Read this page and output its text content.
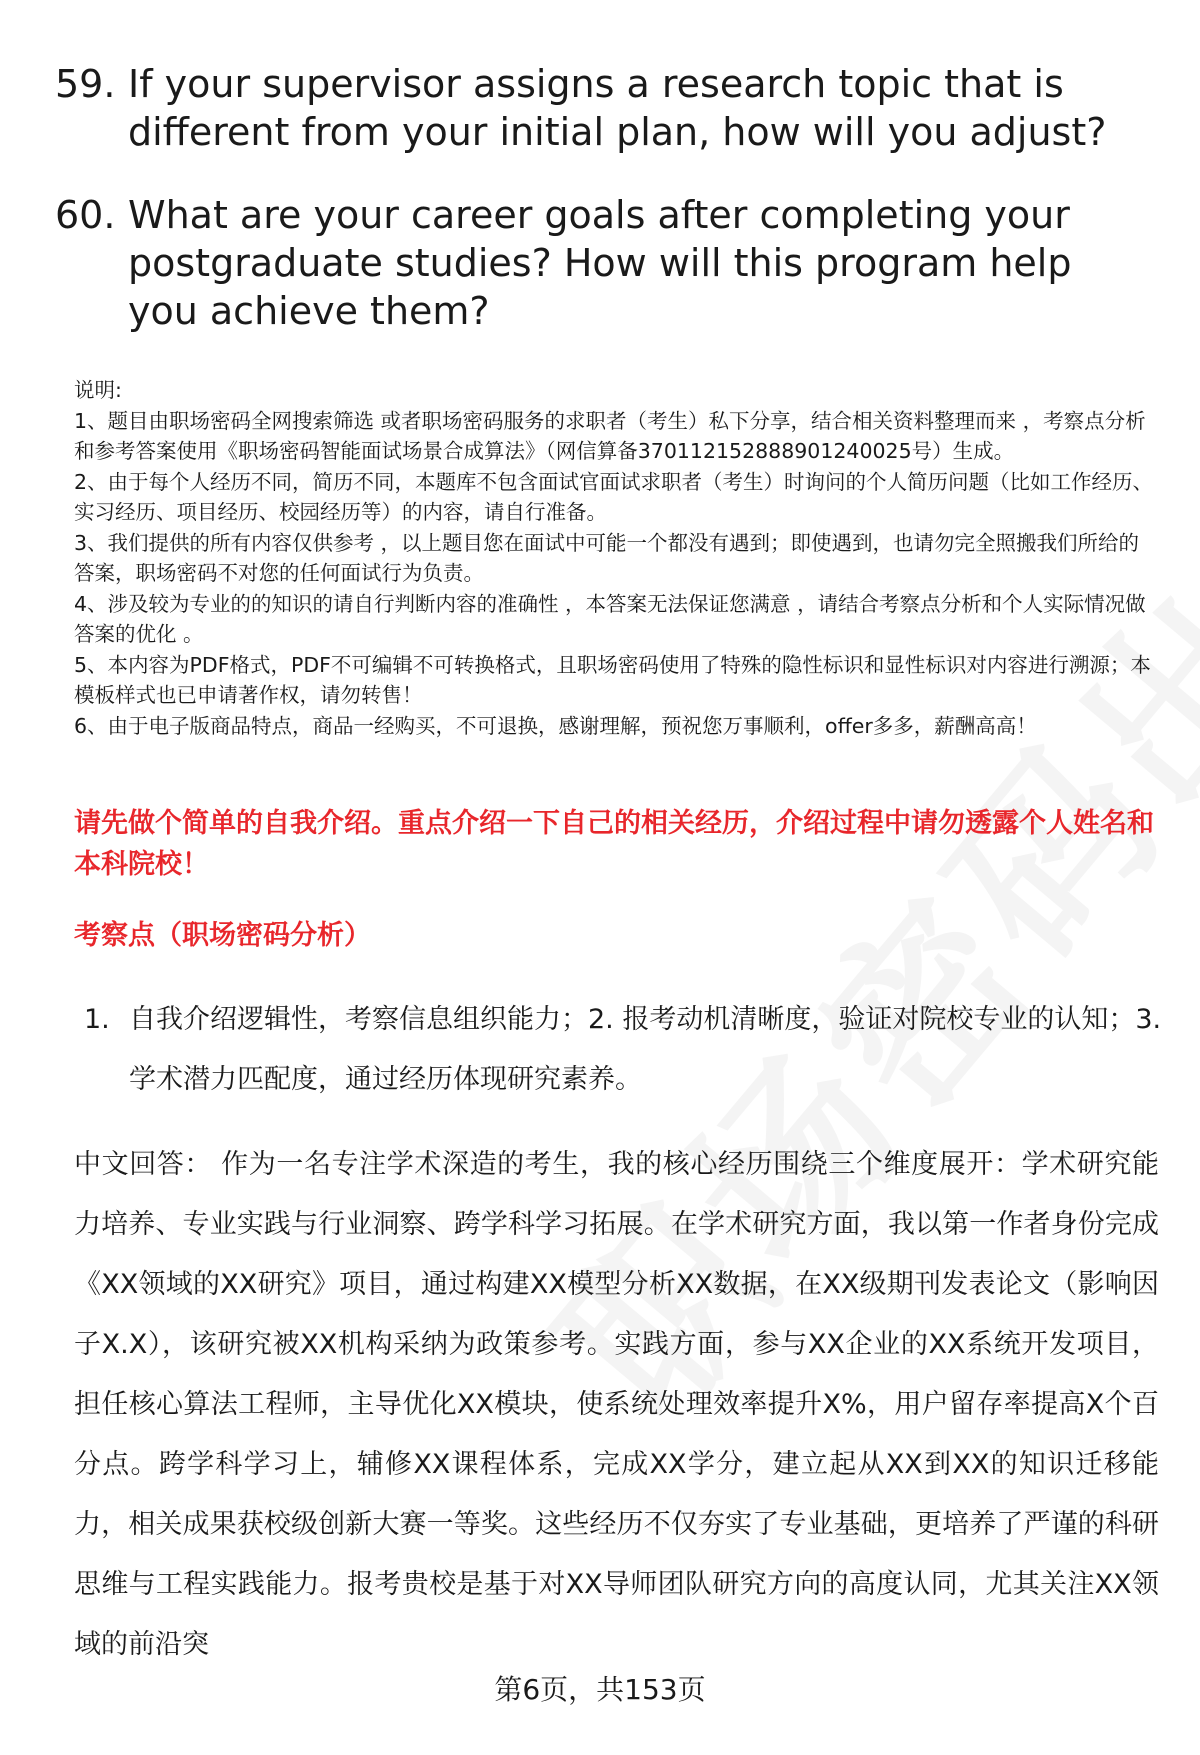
59. If your supervisor assigns a research topic that is different from your initial plan, how will you adjust?
60. What are your career goals after completing your postgraduate studies? How will this program help you achieve them?
说明:
1、题目由职场密码全网搜索筛选 或者职场密码服务的求职者（考生）私下分享，结合相关资料整理而来 ，考察点分析和参考答案使用《职场密码智能面试场景合成算法》（网信算备370112152888901240025号）生成。
2、由于每个人经历不同，简历不同，本题库不包含面试官面试求职者（考生）时询问的个人简历问题（比如工作经历、实习经历、项目经历、校园经历等）的内容，请自行准备。
3、我们提供的所有内容仅供参考 ，以上题目您在面试中可能一个都没有遇到；即使遇到，也请勿完全照搬我们所给的答案，职场密码不对您的任何面试行为负责。
4、涉及较为专业的的知识的请自行判断内容的准确性 ，本答案无法保证您满意 ，请结合考察点分析和个人实际情况做答案的优化 。
5、本内容为PDF格式，PDF不可编辑不可转换格式，且职场密码使用了特殊的隐性标识和显性标识对内容进行溯源；本模板样式也已申请著作权，请勿转售！
6、由于电子版商品特点，商品一经购买，不可退换，感谢理解，预祝您万事顺利，offer多多，薪酬高高！
请先做个简单的自我介绍。重点介绍一下自己的相关经历，介绍过程中请勿透露个人姓名和本科院校！
考察点（职场密码分析）
1. 自我介绍逻辑性，考察信息组织能力；2. 报考动机清晰度，验证对院校专业的认知；3. 学术潜力匹配度，通过经历体现研究素养。
中文回答： 作为一名专注学术深造的考生，我的核心经历围绕三个维度展开：学术研究能力培养、专业实践与行业洞察、跨学科学习拓展。在学术研究方面，我以第一作者身份完成《XX领域的XX研究》项目，通过构建XX模型分析XX数据，在XX级期刊发表论文（影响因子X.X），该研究被XX机构采纳为政策参考。实践方面，参与XX企业的XX系统开发项目，担任核心算法工程师，主导优化XX模块，使系统处理效率提升X%，用户留存率提高X个百分点。跨学科学习上，辅修XX课程体系，完成XX学分，建立起从XX到XX的知识迁移能力，相关成果获校级创新大赛一等奖。这些经历不仅夯实了专业基础，更培养了严谨的科研思维与工程实践能力。报考贵校是基于对XX导师团队研究方向的高度认同，尤其关注XX领域的前沿突
第6页，共153页
